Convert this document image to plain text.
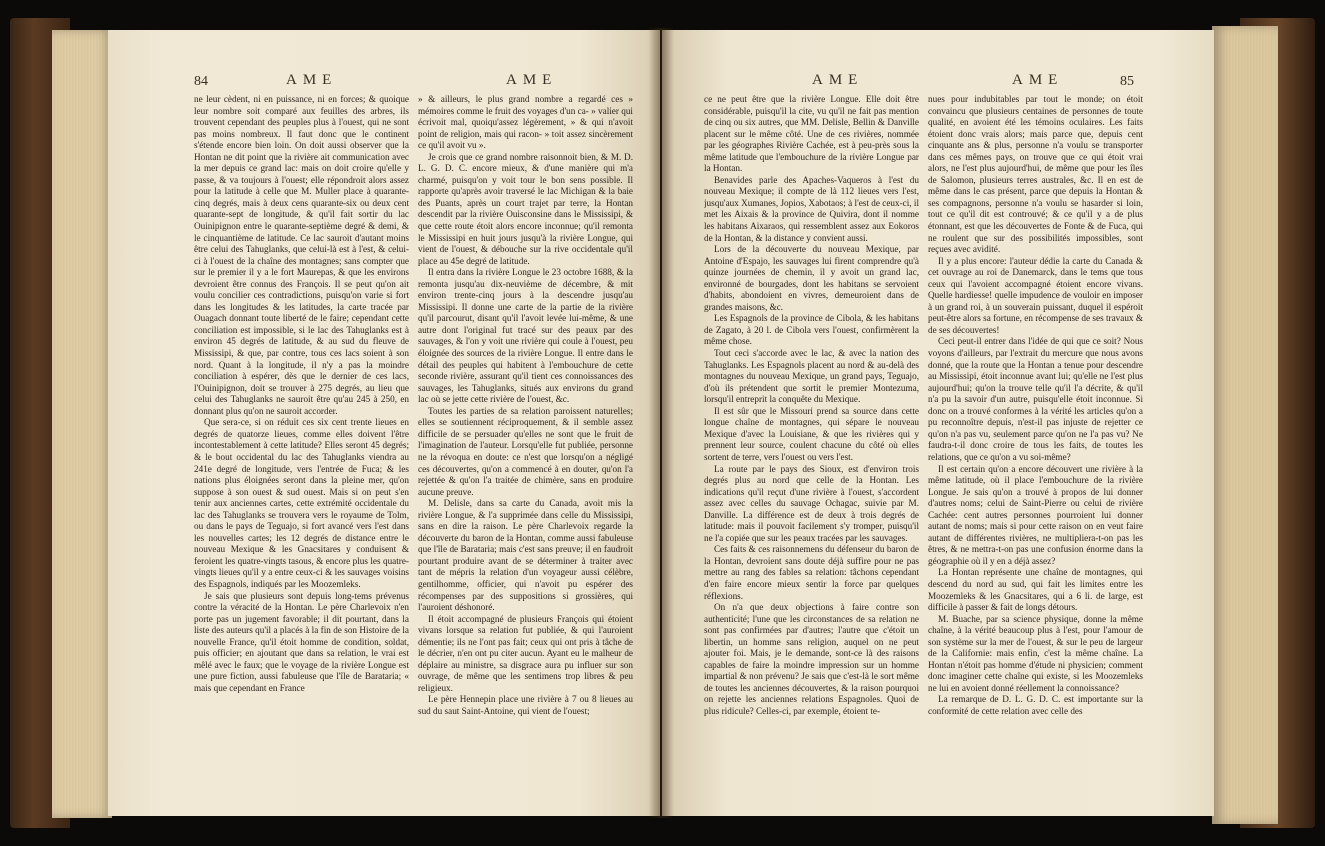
84	AME	AME

ne leur cèdent, ni en puissance, ni en forces; & quoique leur nombre soit comparé aux feuilles des arbres, ils trouvent cependant des peuples plus à l'ouest, qui ne sont pas moins nombreux. Il faut donc que le continent s'étende encore bien loin. On doit aussi observer que la Hontan ne dit point que la rivière ait communication avec la mer depuis ce grand lac: mais on doit croire qu'elle y passe, & va toujours à l'ouest; elle répondroit alors assez pour la latitude à celle que M. Muller place à quarante-cinq degrés, mais à deux cens quarante-six ou deux cent quarante-sept de longitude, & qu'il fait sortir du lac Ouinipignon entre le quarante-septième degré & demi, & le cinquantième de latitude. Ce lac sauroit d'autant moins être celui des Tahuglanks, que celui-là est à l'est, & celui-ci à l'ouest de la chaîne des montagnes; sans compter que sur le premier il y a le fort Maurepas, & que les environs devroient être connus des François. Il se peut qu'on ait voulu concilier ces contradictions, puisqu'on varie si fort dans les longitudes & les latitudes, la carte tracée par Ouagach donnant toute liberté de le faire; cependant cette conciliation est impossible, si le lac des Tahuglanks est à environ 45 degrés de latitude, & au sud du fleuve de Mississipi, & que, par contre, tous ces lacs soient à son nord. Quant à la longitude, il n'y a pas la moindre conciliation à espérer, dès que le dernier de ces lacs, l'Ouinipignon, doit se trouver à 275 degrés, au lieu que celui des Tahuglanks ne sauroit être qu'au 245 à 250, en donnant plus qu'on ne sauroit accorder.

Que sera-ce, si on réduit ces six cent trente lieues en degrés de quatorze lieues, comme elles doivent l'être incontestablement à cette latitude? Elles seront 45 degrés; & le bout occidental du lac des Tahuglanks viendra au 241e degré de longitude, vers l'entrée de Fuca; & les nations plus éloignées seront dans la pleine mer, qu'on suppose à son ouest & sud ouest. Mais si on peut s'en tenir aux anciennes cartes, cette extrémité occidentale du lac des Tahuglanks se trouvera vers le royaume de Tolm, ou dans le pays de Teguajo, si fort avancé vers l'est dans les nouvelles cartes; les 12 degrés de distance entre le nouveau Mexique & les Gnacsitares y conduisent & feroient les quatre-vingts tasous, & encore plus les quatre-vingts lieues qu'il y a entre ceux-ci & les sauvages voisins des Espagnols, indiqués par les Moozemleks.

Je sais que plusieurs sont depuis long-tems prévenus contre la véracité de la Hontan. Le père Charlevoix n'en porte pas un jugement favorable; il dit pourtant, dans la liste des auteurs qu'il a placés à la fin de son Histoire de la nouvelle France, qu'il étoit homme de condition, soldat, puis officier; en ajoutant que dans sa relation, le vrai est mêlé avec le faux; que le voyage de la rivière Longue est une pure fiction, aussi fabuleuse que l'île de Barataria; « mais que cependant en France

» & ailleurs, le plus grand nombre a regardé ces » mémoires comme le fruit des voyages d'un ca- » valier qui écrivoit mal, quoiqu'assez légèrement, » & qui n'avoit point de religion, mais qui racon- » toit assez sincèrement ce qu'il avoit vu ».

Je crois que ce grand nombre raisonnoit bien, & M. D. L. G. D. C. encore mieux, & d'une manière qui m'a charmé, puisqu'on y voit tour le bon sens possible. Il rapporte qu'après avoir traversé le lac Michigan & la baie des Puants, après un court trajet par terre, la Hontan descendit par la rivière Ouisconsine dans le Mississipi, & que cette route étoit alors encore inconnue; qu'il remonta le Mississipi en huit jours jusqu'à la rivière Longue, qui vient de l'ouest, & débouche sur la rive occidentale qu'il place au 45e degré de latitude.

Il entra dans la rivière Longue le 23 octobre 1688, & la remonta jusqu'au dix-neuvième de décembre, & mit environ trente-cinq jours à la descendre jusqu'au Mississipi. Il donne une carte de la partie de la rivière qu'il parcourut, disant qu'il l'avoit levée lui-même, & une autre dont l'original fut tracé sur des peaux par des sauvages, & l'on y voit une rivière qui coule à l'ouest, peu éloignée des sources de la rivière Longue. Il entre dans le détail des peuples qui habitent à l'embouchure de cette seconde rivière, assurant qu'il tient ces connoissances des sauvages, les Tahuglanks, situés aux environs du grand lac où se jette cette rivière de l'ouest, &c.

Toutes les parties de sa relation paroissent naturelles; elles se soutiennent réciproquement, & il semble assez difficile de se persuader qu'elles ne sont que le fruit de l'imagination de l'auteur. Lorsqu'elle fut publiée, personne ne la révoqua en doute: ce n'est que lorsqu'on a négligé ces découvertes, qu'on a commencé à en douter, qu'on l'a rejettée & qu'on l'a traitée de chimère, sans en produire aucune preuve.

M. Delisle, dans sa carte du Canada, avoit mis la rivière Longue, & l'a supprimée dans celle du Mississipi, sans en dire la raison. Le père Charlevoix regarde la découverte du baron de la Hontan, comme aussi fabuleuse que l'île de Barataria; mais c'est sans preuve; il en faudroit pourtant produire avant de se déterminer à traiter avec tant de mépris la relation d'un voyageur aussi célèbre, gentilhomme, officier, qui n'avoit pu espérer des récompenses par des suppositions si grossières, qui l'auroient déshonoré.

Il étoit accompagné de plusieurs François qui étoient vivans lorsque sa relation fut publiée, & qui l'auroient démentie; ils ne l'ont pas fait; ceux qui ont pris à tâche de le décrier, n'en ont pu citer aucun. Ayant eu le malheur de déplaire au ministre, sa disgrace aura pu influer sur son ouvrage, de même que les sentimens trop libres & peu religieux.

Le père Hennepin place une rivière à 7 ou 8 lieues au sud du saut Saint-Antoine, qui vient de l'ouest;

AME	AME	85

ce ne peut être que la rivière Longue. Elle doit être considérable, puisqu'il la cite, vu qu'il ne fait pas mention de cinq ou six autres, que MM. Delisle, Bellin & Danville placent sur le même côté. Une de ces rivières, nommée par les géographes Rivière Cachée, est à peu-près sous la même latitude que l'embouchure de la rivière Longue par la Hontan.

Benavides parle des Apaches-Vaqueros à l'est du nouveau Mexique; il compte de là 112 lieues vers l'est, jusqu'aux Xumanes, Jopios, Xabotaos; à l'est de ceux-ci, il met les Aixais & la province de Quivira, dont il nomme les habitans Aixaraos, qui ressemblent assez aux Eokoros de la Hontan, & la distance y convient aussi.

Lors de la découverte du nouveau Mexique, par Antoine d'Espajo, les sauvages lui firent comprendre qu'à quinze journées de chemin, il y avoit un grand lac, environné de bourgades, dont les habitans se servoient d'habits, abondoient en vivres, demeuroient dans de grandes maisons, &c.

Les Espagnols de la province de Cibola, & les habitans de Zagato, à 20 l. de Cibola vers l'ouest, confirmèrent la même chose.

Tout ceci s'accorde avec le lac, & avec la nation des Tahuglanks. Les Espagnols placent au nord & au-delà des montagnes du nouveau Mexique, un grand pays, Teguajo, d'où ils prétendent que sortit le premier Montezuma, lorsqu'il entreprit la conquête du Mexique.

Il est sûr que le Missouri prend sa source dans cette longue chaîne de montagnes, qui sépare le nouveau Mexique d'avec la Louisiane, & que les rivières qui y prennent leur source, coulent chacune du côté où elles sortent de terre, vers l'ouest ou vers l'est.

La route par le pays des Sioux, est d'environ trois degrés plus au nord que celle de la Hontan. Les indications qu'il reçut d'une rivière à l'ouest, s'accordent assez avec celles du sauvage Ochagac, suivie par M. Danville. La différence est de deux à trois degrés de latitude: mais il pouvoit facilement s'y tromper, puisqu'il ne l'a copiée que sur les peaux tracées par les sauvages.

Ces faits & ces raisonnemens du défenseur du baron de la Hontan, devroient sans doute déjà suffire pour ne pas mettre au rang des fables sa relation: tâchons cependant d'en faire encore mieux sentir la force par quelques réflexions.

On n'a que deux objections à faire contre son authenticité; l'une que les circonstances de sa relation ne sont pas confirmées par d'autres; l'autre que c'étoit un libertin, un homme sans religion, auquel on ne peut ajouter foi. Mais, je le demande, sont-ce là des raisons capables de faire la moindre impression sur un homme impartial & non prévenu? Je sais que c'est-là le sort même de toutes les anciennes découvertes, & la raison pourquoi on rejette les anciennes relations Espagnoles. Quoi de plus ridicule? Celles-ci, par exemple, étoient te-

nues pour indubitables par tout le monde; on étoit convaincu que plusieurs centaines de personnes de toute qualité, en avoient été les témoins oculaires. Les faits étoient donc vrais alors; mais parce que, depuis cent cinquante ans & plus, personne n'a voulu se transporter dans ces mêmes pays, on trouve que ce qui étoit vrai alors, ne l'est plus aujourd'hui, de même que pour les îles de Salomon, plusieurs terres australes, &c. Il en est de même dans le cas présent, parce que depuis la Hontan & ses compagnons, personne n'a voulu se hasarder si loin, tout ce qu'il dit est controuvé; & ce qu'il y a de plus étonnant, est que les découvertes de Fonte & de Fuca, qui ne roulent que sur des possibilités impossibles, sont reçues avec avidité.

Il y a plus encore: l'auteur dédie la carte du Canada & cet ouvrage au roi de Danemarck, dans le tems que tous ceux qui l'avoient accompagné étoient encore vivans. Quelle hardiesse! quelle impudence de vouloir en imposer à un grand roi, à un souverain puissant, duquel il espéroit peut-être alors sa fortune, en récompense de ses travaux & de ses découvertes!

Ceci peut-il entrer dans l'idée de qui que ce soit? Nous voyons d'ailleurs, par l'extrait du mercure que nous avons donné, que la route que la Hontan a tenue pour descendre au Mississipi, étoit inconnue avant lui; qu'elle ne l'est plus aujourd'hui; qu'on la trouve telle qu'il l'a décrite, & qu'il n'a pu la savoir d'un autre, puisqu'elle étoit inconnue. Si donc on a trouvé conformes à la vérité les articles qu'on a pu reconnoître depuis, n'est-il pas injuste de rejetter ce qu'on n'a pas vu, seulement parce qu'on ne l'a pas vu? Ne faudra-t-il donc croire de tous les faits, de toutes les relations, que ce qu'on a vu soi-même?

Il est certain qu'on a encore découvert une rivière à la même latitude, où il place l'embouchure de la rivière Longue. Je sais qu'on a trouvé à propos de lui donner d'autres noms; celui de Saint-Pierre ou celui de rivière Cachée: cent autres personnes pourroient lui donner autant de noms; mais si pour cette raison on en veut faire autant de différentes rivières, ne multipliera-t-on pas les êtres, & ne mettra-t-on pas une confusion énorme dans la géographie où il y en a déjà assez?

La Hontan représente une chaîne de montagnes, qui descend du nord au sud, qui fait les limites entre les Moozemleks & les Gnacsitares, qui a 6 li. de large, est difficile à passer & fait de longs détours.

M. Buache, par sa science physique, donne la même chaîne, à la vérité beaucoup plus à l'est, pour l'amour de son système sur la mer de l'ouest, & sur le peu de largeur de la Californie: mais enfin, c'est la même chaîne. La Hontan n'étoit pas homme d'étude ni physicien; comment donc imaginer cette chaîne qui existe, si les Moozemleks ne lui en avoient donné réellement la connoissance?

La remarque de D. L. G. D. C. est importante sur la conformité de cette relation avec celle des
